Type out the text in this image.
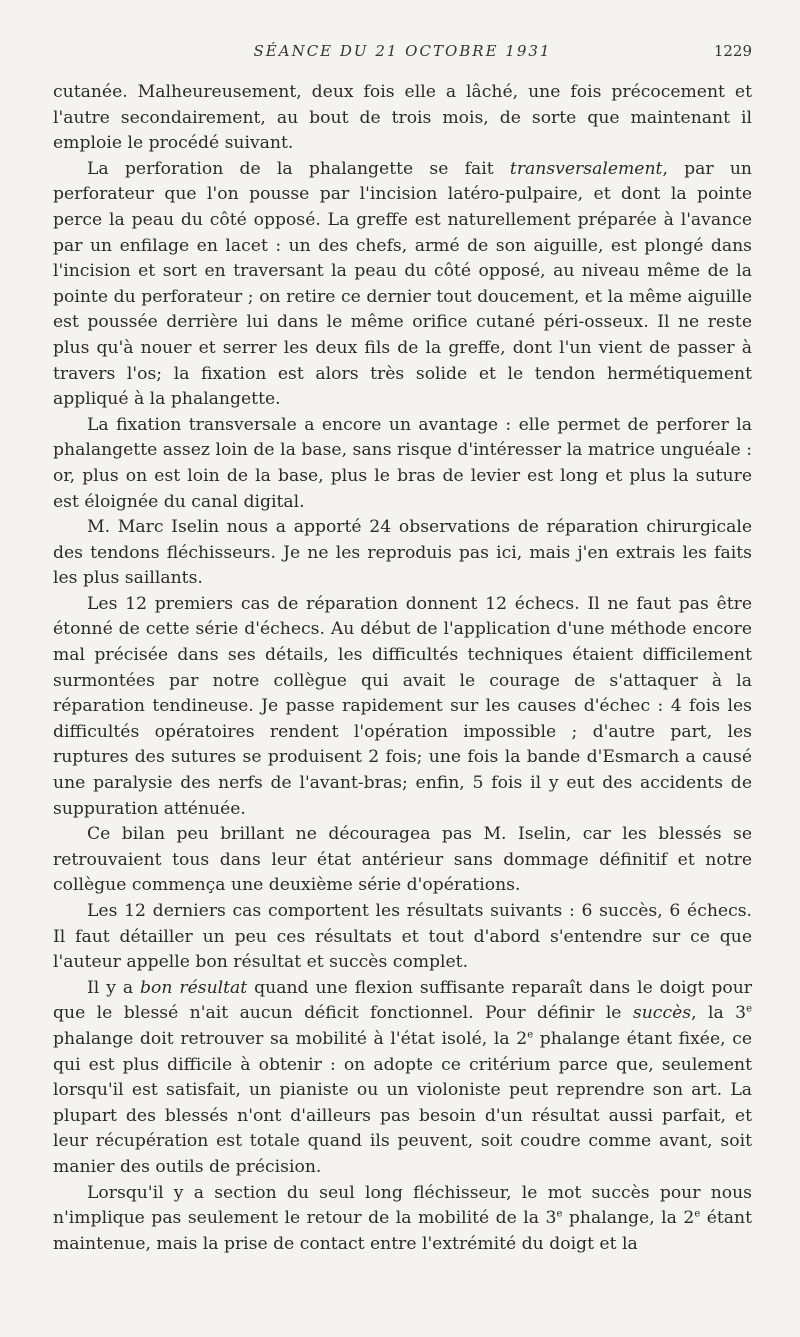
SÉANCE DU 21 OCTOBRE 1931	1229

cutanée. Malheureusement, deux fois elle a lâché, une fois précocement et l'autre secondairement, au bout de trois mois, de sorte que maintenant il emploie le procédé suivant.

La perforation de la phalangette se fait transversalement, par un perforateur que l'on pousse par l'incision latéro-pulpaire, et dont la pointe perce la peau du côté opposé. La greffe est naturellement préparée à l'avance par un enfilage en lacet : un des chefs, armé de son aiguille, est plongé dans l'incision et sort en traversant la peau du côté opposé, au niveau même de la pointe du perforateur ; on retire ce dernier tout doucement, et la même aiguille est poussée derrière lui dans le même orifice cutané péri-osseux. Il ne reste plus qu'à nouer et serrer les deux fils de la greffe, dont l'un vient de passer à travers l'os; la fixation est alors très solide et le tendon hermétiquement appliqué à la phalangette.

La fixation transversale a encore un avantage : elle permet de perforer la phalangette assez loin de la base, sans risque d'intéresser la matrice unguéale : or, plus on est loin de la base, plus le bras de levier est long et plus la suture est éloignée du canal digital.

M. Marc Iselin nous a apporté 24 observations de réparation chirurgicale des tendons fléchisseurs. Je ne les reproduis pas ici, mais j'en extrais les faits les plus saillants.

Les 12 premiers cas de réparation donnent 12 échecs. Il ne faut pas être étonné de cette série d'échecs. Au début de l'application d'une méthode encore mal précisée dans ses détails, les difficultés techniques étaient difficilement surmontées par notre collègue qui avait le courage de s'attaquer à la réparation tendineuse. Je passe rapidement sur les causes d'échec : 4 fois les difficultés opératoires rendent l'opération impossible ; d'autre part, les ruptures des sutures se produisent 2 fois; une fois la bande d'Esmarch a causé une paralysie des nerfs de l'avant-bras; enfin, 5 fois il y eut des accidents de suppuration atténuée.

Ce bilan peu brillant ne découragea pas M. Iselin, car les blessés se retrouvaient tous dans leur état antérieur sans dommage définitif et notre collègue commença une deuxième série d'opérations.

Les 12 derniers cas comportent les résultats suivants : 6 succès, 6 échecs. Il faut détailler un peu ces résultats et tout d'abord s'entendre sur ce que l'auteur appelle bon résultat et succès complet.

Il y a bon résultat quand une flexion suffisante reparaît dans le doigt pour que le blessé n'ait aucun déficit fonctionnel. Pour définir le succès, la 3e phalange doit retrouver sa mobilité à l'état isolé, la 2e phalange étant fixée, ce qui est plus difficile à obtenir : on adopte ce critérium parce que, seulement lorsqu'il est satisfait, un pianiste ou un violoniste peut reprendre son art. La plupart des blessés n'ont d'ailleurs pas besoin d'un résultat aussi parfait, et leur récupération est totale quand ils peuvent, soit coudre comme avant, soit manier des outils de précision.

Lorsqu'il y a section du seul long fléchisseur, le mot succès pour nous n'implique pas seulement le retour de la mobilité de la 3e phalange, la 2e étant maintenue, mais la prise de contact entre l'extrémité du doigt et la
